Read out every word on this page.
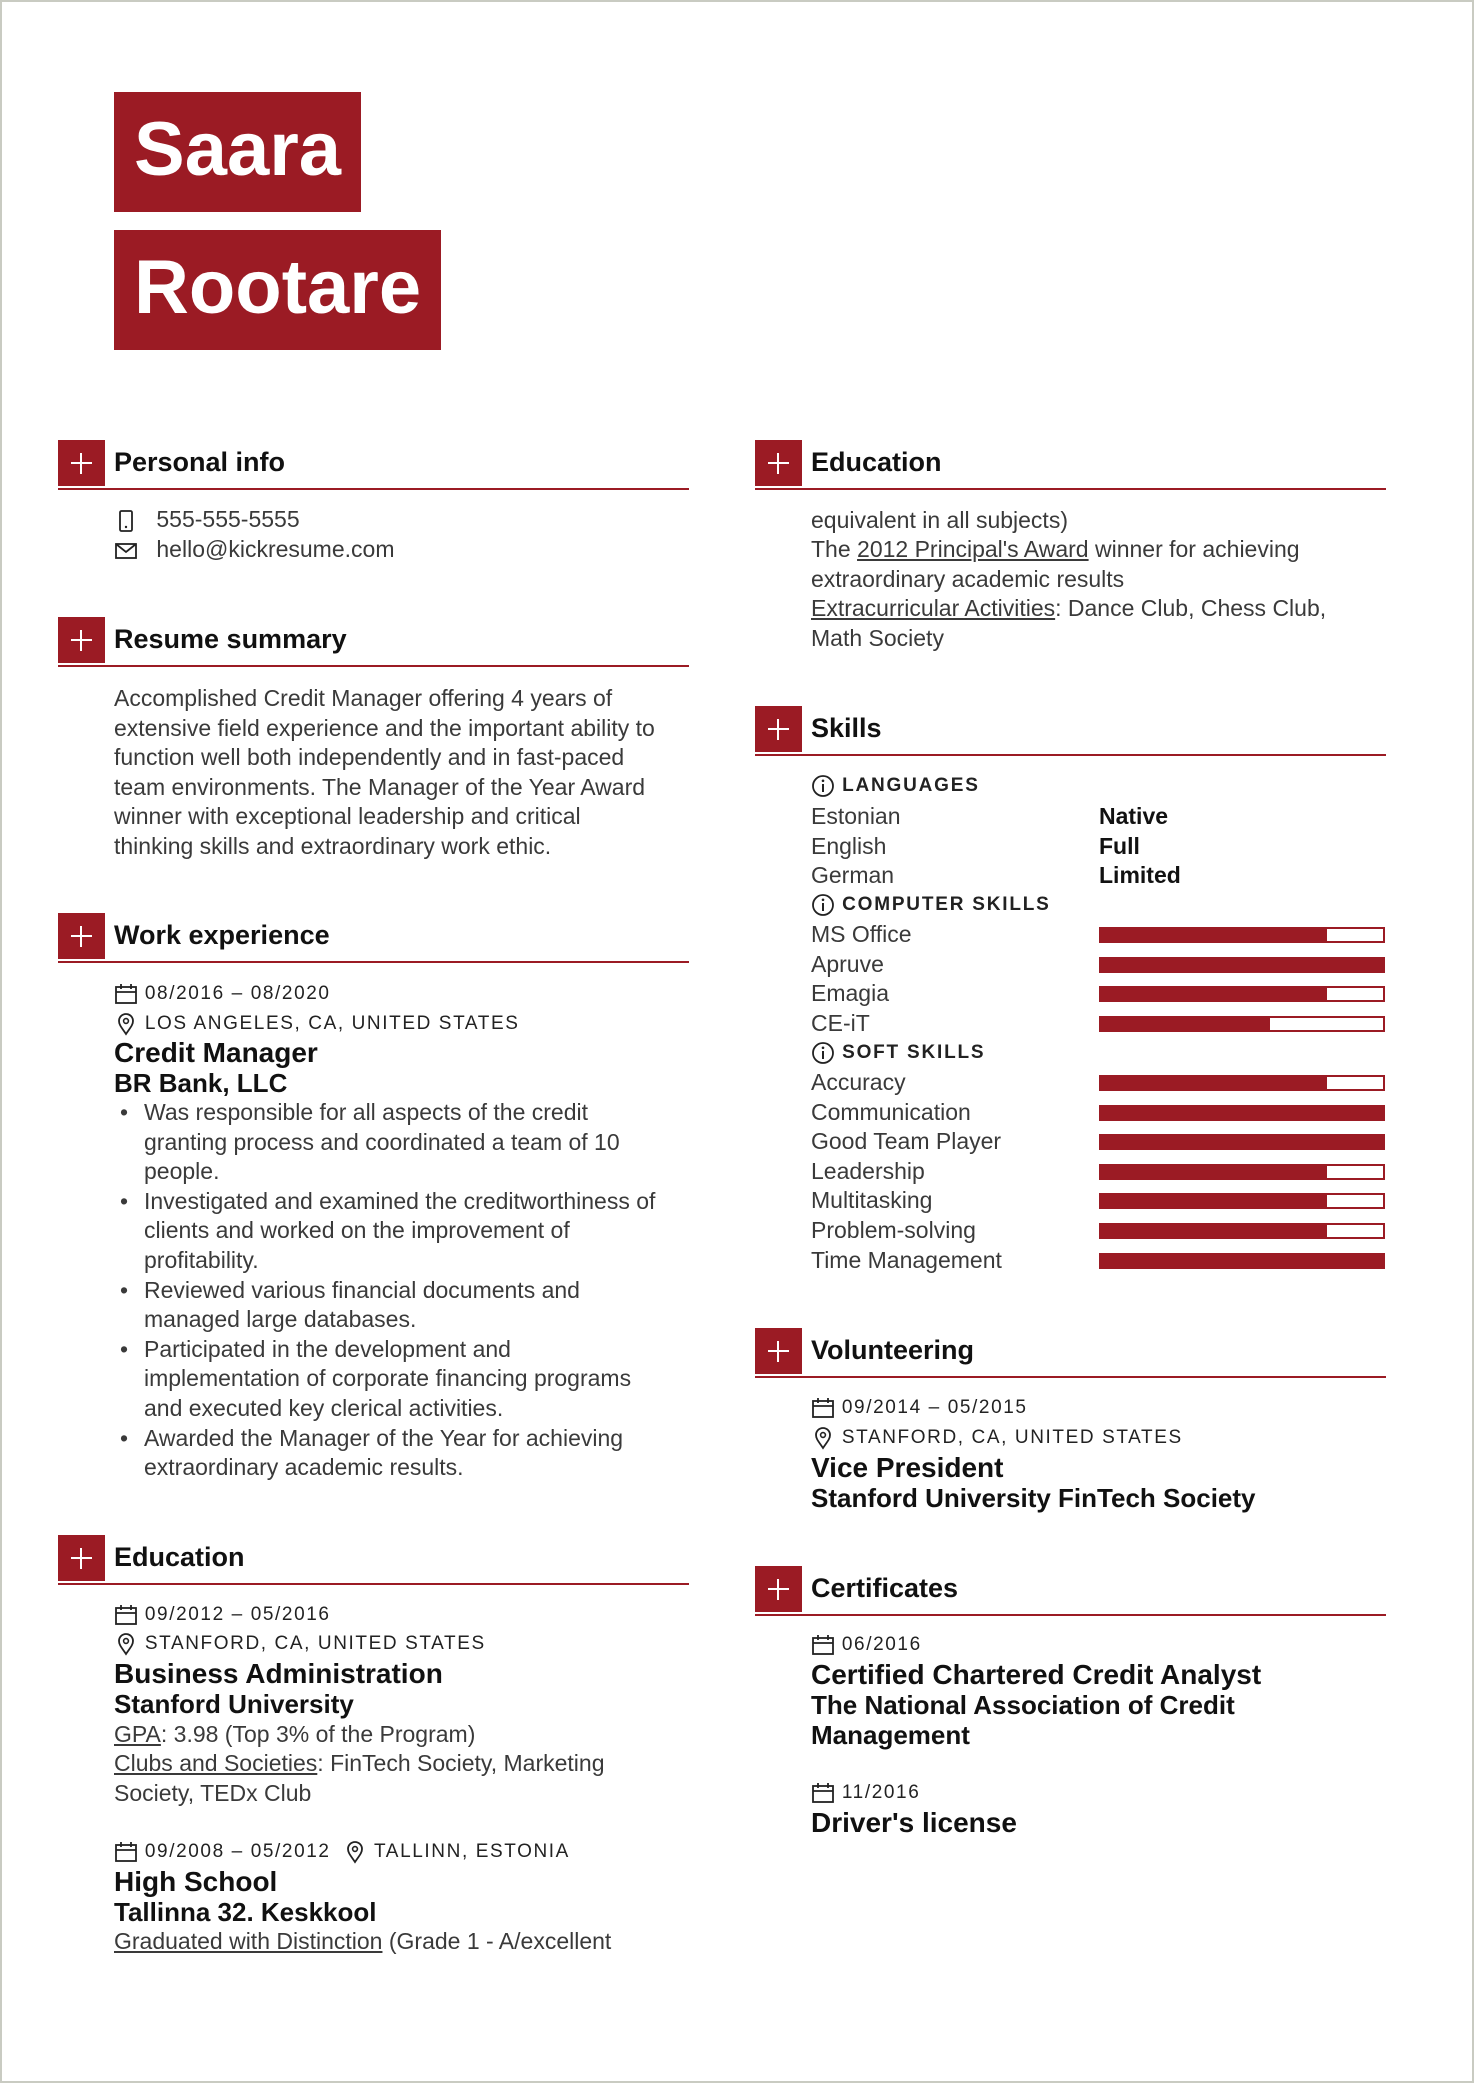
Saara
Rootare
Personal info
555-555-5555
hello@kickresume.com
Resume summary
Accomplished Credit Manager offering 4 years of
extensive field experience and the important ability to
function well both independently and in fast-paced
team environments. The Manager of the Year Award
winner with exceptional leadership and critical
thinking skills and extraordinary work ethic.
Work experience
08/2016 – 08/2020
LOS ANGELES, CA, UNITED STATES
Credit Manager
BR Bank, LLC
• Was responsible for all aspects of the credit
granting process and coordinated a team of 10
people.
• Investigated and examined the creditworthiness of
clients and worked on the improvement of
profitability.
• Reviewed various financial documents and
managed large databases.
• Participated in the development and
implementation of corporate financing programs
and executed key clerical activities.
• Awarded the Manager of the Year for achieving
extraordinary academic results.
Education
09/2012 – 05/2016
STANFORD, CA, UNITED STATES
Business Administration
Stanford University
GPA: 3.98 (Top 3% of the Program)
Clubs and Societies: FinTech Society, Marketing
Society, TEDx Club
09/2008 – 05/2012 TALLINN, ESTONIA
High School
Tallinna 32. Keskkool
Graduated with Distinction (Grade 1 - A/excellent
Education
equivalent in all subjects)
The 2012 Principal's Award winner for achieving
extraordinary academic results
Extracurricular Activities: Dance Club, Chess Club,
Math Society
Skills
LANGUAGES
Estonian	Native
English	Full
German	Limited
COMPUTER SKILLS
MS Office
Apruve
Emagia
CE-iT
SOFT SKILLS
Accuracy
Communication
Good Team Player
Leadership
Multitasking
Problem-solving
Time Management
Volunteering
09/2014 – 05/2015
STANFORD, CA, UNITED STATES
Vice President
Stanford University FinTech Society
Certificates
06/2016
Certified Chartered Credit Analyst
The National Association of Credit
Management
11/2016
Driver's license
